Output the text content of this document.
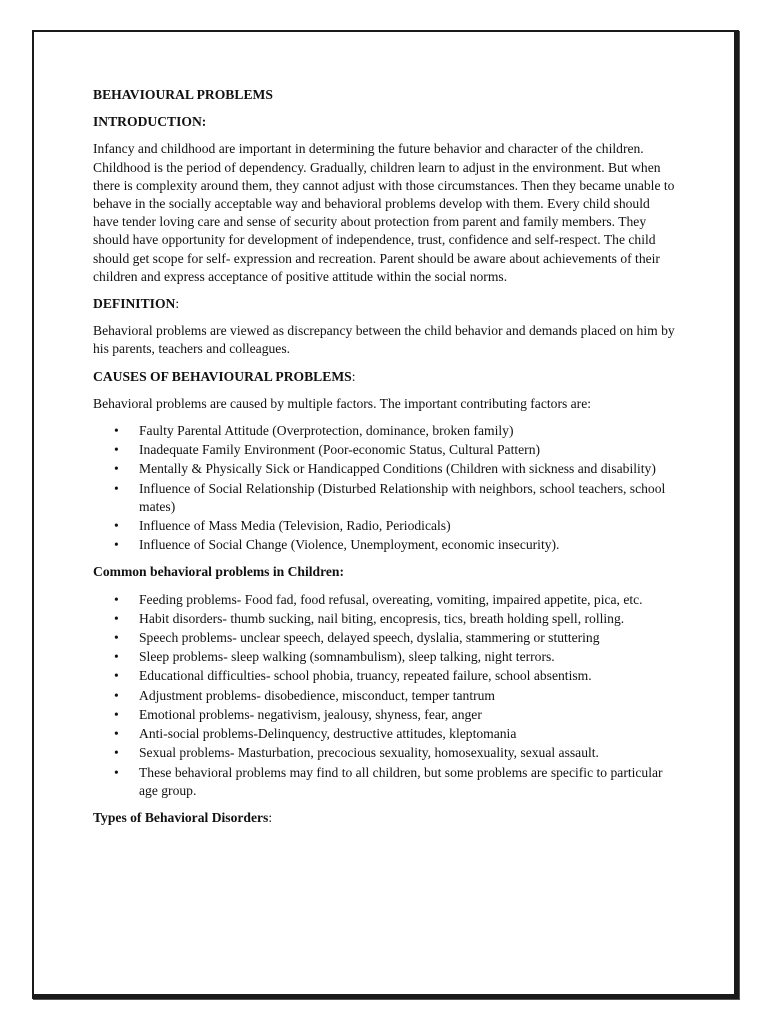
BEHAVIOURAL PROBLEMS
INTRODUCTION:

Infancy and childhood are important in determining the future behavior and character of the children. Childhood is the period of dependency. Gradually, children learn to adjust in the environment. But when there is complexity around them, they cannot adjust with those circumstances. Then they became unable to behave in the socially acceptable way and behavioral problems develop with them. Every child should have tender loving care and sense of security about protection from parent and family members. They should have opportunity for development of independence, trust, confidence and self-respect. The child should get scope for self- expression and recreation. Parent should be aware about achievements of their children and express acceptance of positive attitude within the social norms.

DEFINITION:

Behavioral problems are viewed as discrepancy between the child behavior and demands placed on him by his parents, teachers and colleagues.

CAUSES OF BEHAVIOURAL PROBLEMS:

Behavioral problems are caused by multiple factors. The important contributing factors are:

• Faulty Parental Attitude (Overprotection, dominance, broken family)
• Inadequate Family Environment (Poor-economic Status, Cultural Pattern)
• Mentally & Physically Sick or Handicapped Conditions (Children with sickness and disability)
• Influence of Social Relationship (Disturbed Relationship with neighbors, school teachers, school mates)
• Influence of Mass Media (Television, Radio, Periodicals)
• Influence of Social Change (Violence, Unemployment, economic insecurity).
Common behavioral problems in Children:
• Feeding problems- Food fad, food refusal, overeating, vomiting, impaired appetite, pica, etc.
• Habit disorders- thumb sucking, nail biting, encopresis, tics, breath holding spell, rolling.
• Speech problems- unclear speech, delayed speech, dyslalia, stammering or stuttering
• Sleep problems- sleep walking (somnambulism), sleep talking, night terrors.
• Educational difficulties- school phobia, truancy, repeated failure, school absentism.
• Adjustment problems- disobedience, misconduct, temper tantrum
• Emotional problems- negativism, jealousy, shyness, fear, anger
• Anti-social problems-Delinquency, destructive attitudes, kleptomania
• Sexual problems- Masturbation, precocious sexuality, homosexuality, sexual assault.
• These behavioral problems may find to all children, but some problems are specific to particular age group.
Types of Behavioral Disorders:
